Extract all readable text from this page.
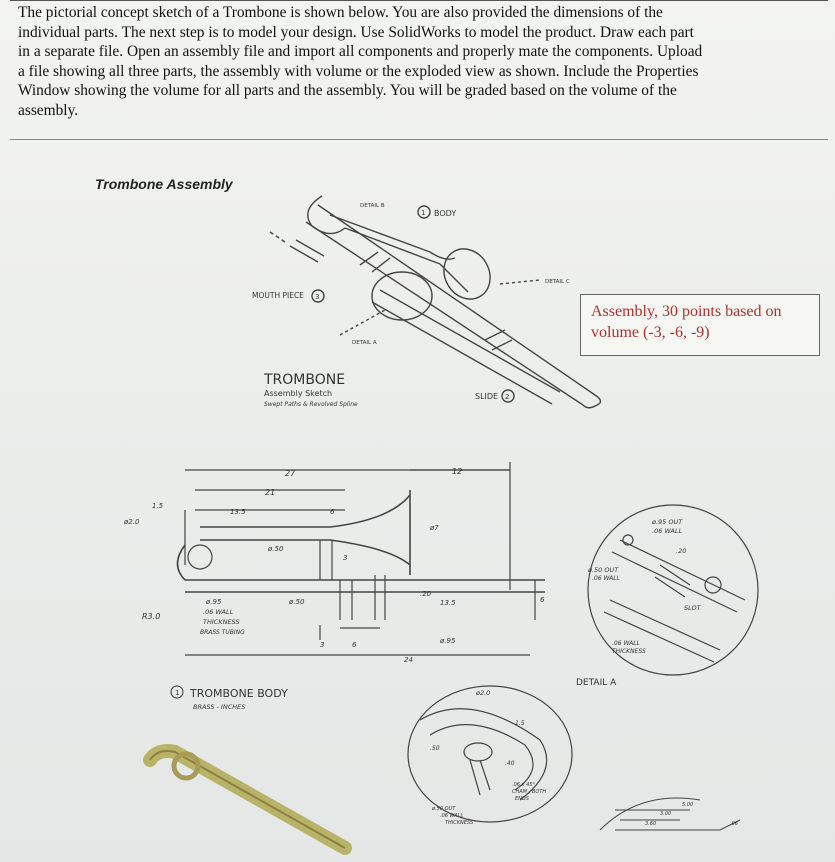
The pictorial concept sketch of a Trombone is shown below. You are also provided the dimensions of the
individual parts. The next step is to model your design. Use SolidWorks to model the product. Draw each part
in a separate file. Open an assembly file and import all components and properly mate the components. Upload
a file showing all three parts, the assembly with volume or the exploded view as shown. Include the Properties
Window showing the volume for all parts and the assembly. You will be graded based on the volume of the
assembly.
Trombone Assembly
Assembly, 30 points based on volume (-3, -6, -9)
BODY
1
MOUTH PIECE 3
SLIDE 2
DETAIL B
DETAIL A
DETAIL C
TROMBONE
Assembly Sketch
Swept Paths & Revolved Spline
27
21
13.5	6
12
1.5
ø2.0
ø.50
3
ø7
.20
13.5	6
ø.95	ø.50
R3.0
3	6
24
ø.95
.06 WALL
THICKNESS
BRASS TUBING
1 TROMBONE BODY
BRASS - INCHES
ø.95 OUT
.06 WALL
.20
ø.50 OUT
.06 WALL
SLOT
.06 WALL
THICKNESS
DETAIL A
ø2.0
1.5
.50
.40
ø.50 OUT
.06 WALL
THICKNESS
.06 x 45°
CHAM - BOTH
ENDS
5.00
3.00
3.60	.06
